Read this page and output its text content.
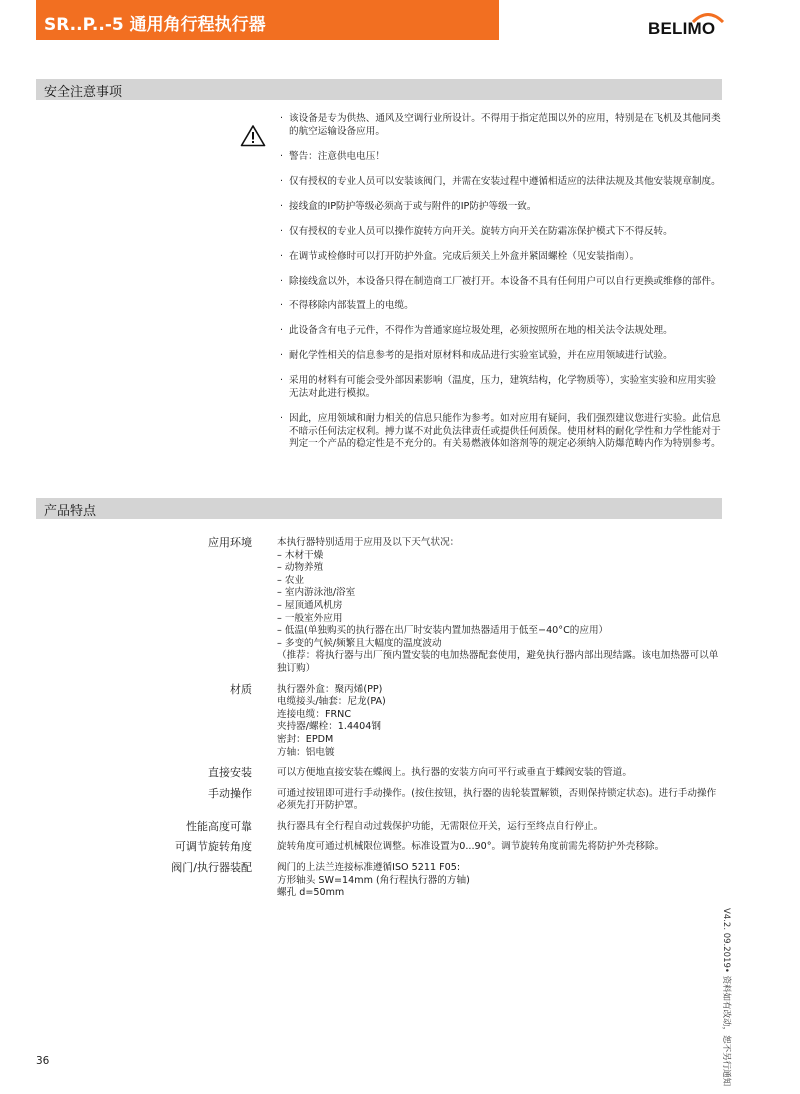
SR..P..-5 通用角行程执行器	BELIMO
安全注意事项
· 该设备是专为供热、通风及空调行业所设计。不得用于指定范围以外的应用，特别是在飞机及其他同类的航空运输设备应用。
· 警告：注意供电电压！
· 仅有授权的专业人员可以安装该阀门，并需在安装过程中遵循相适应的法律法规及其他安装规章制度。
· 接线盒的IP防护等级必须高于或与附件的IP防护等级一致。
· 仅有授权的专业人员可以操作旋转方向开关。旋转方向开关在防霜冻保护模式下不得反转。
· 在调节或检修时可以打开防护外盒。完成后须关上外盒并紧固螺栓（见安装指南）。
· 除接线盒以外，本设备只得在制造商工厂被打开。本设备不具有任何用户可以自行更换或维修的部件。
· 不得移除内部装置上的电缆。
· 此设备含有电子元件，不得作为普通家庭垃圾处理，必须按照所在地的相关法令法规处理。
· 耐化学性相关的信息参考的是指对原材料和成品进行实验室试验，并在应用领域进行试验。
· 采用的材料有可能会受外部因素影响（温度，压力，建筑结构，化学物质等），实验室实验和应用实验无法对此进行模拟。
· 因此，应用领域和耐力相关的信息只能作为参考。如对应用有疑问，我们强烈建议您进行实验。此信息不暗示任何法定权利。搏力谋不对此负法律责任或提供任何质保。使用材料的耐化学性和力学性能对于判定一个产品的稳定性是不充分的。有关易燃液体如溶剂等的规定必须纳入防爆范畴内作为特别参考。
产品特点
应用环境	本执行器特别适用于应用及以下天气状况：
– 木材干燥
– 动物养殖
– 农业
– 室内游泳池/浴室
– 屋顶通风机房
– 一般室外应用
– 低温(单独购买的执行器在出厂时安装内置加热器适用于低至−40°C的应用）
– 多变的气候/频繁且大幅度的温度波动
（推荐：将执行器与出厂预内置安装的电加热器配套使用，避免执行器内部出现结露。该电加热器可以单独订购）
材质	执行器外盒：聚丙烯(PP)
电缆接头/轴套：尼龙(PA)
连接电缆：FRNC
夹持器/螺栓：1.4404钢
密封：EPDM
方轴：铝电镀
直接安装	可以方便地直接安装在蝶阀上。执行器的安装方向可平行或垂直于蝶阀安装的管道。
手动操作	可通过按钮即可进行手动操作。(按住按钮，执行器的齿轮装置解锁，否则保持锁定状态)。进行手动操作必须先打开防护罩。
性能高度可靠	执行器具有全行程自动过载保护功能，无需限位开关，运行至终点自行停止。
可调节旋转角度	旋转角度可通过机械限位调整。标准设置为0...90°。调节旋转角度前需先将防护外壳移除。
阀门/执行器装配	阀门的上法兰连接标准遵循ISO 5211 F05:
方形轴头 SW=14mm (角行程执行器的方轴)
螺孔 d=50mm
V4.2. 09.2019• 资料如有改动，恕不另行通知
36
